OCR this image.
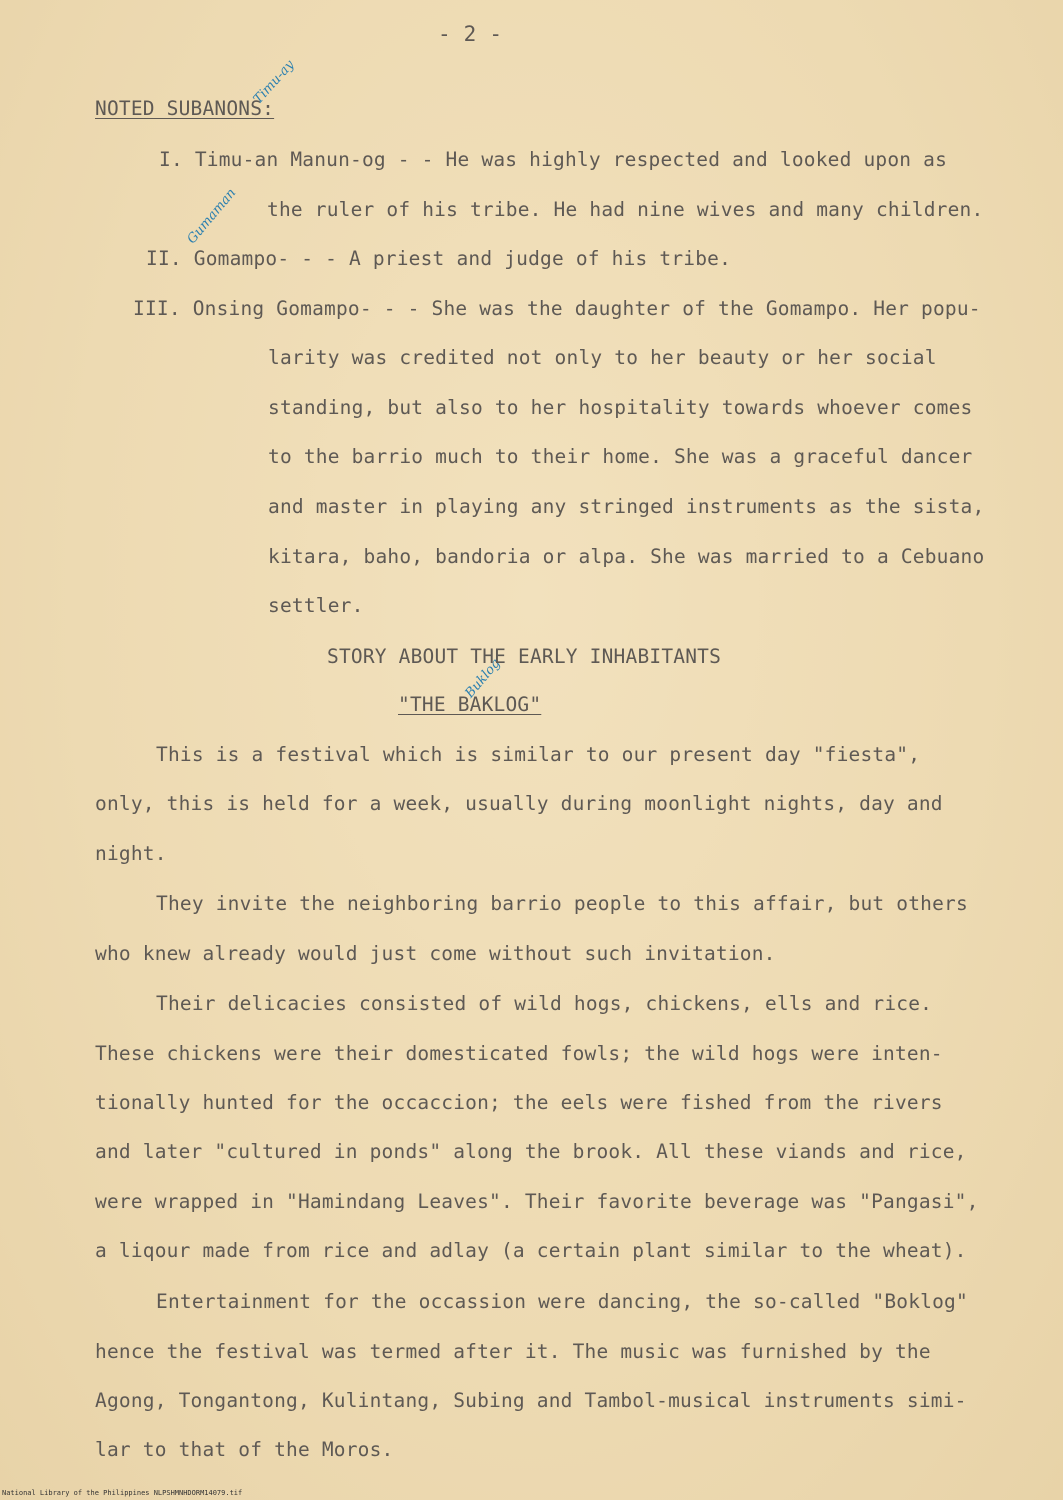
- 2 -
NOTED SUBANONS:
Timu-ay
Gumaman
Buklog
I. Timu-an Manun-og - - He was highly respected and looked upon as
the ruler of his tribe. He had nine wives and many children.
II. Gomampo- - - A priest and judge of his tribe.
III. Onsing Gomampo- - - She was the daughter of the Gomampo. Her popu-
larity was credited not only to her beauty or her social
standing, but also to her hospitality towards whoever comes
to the barrio much to their home. She was a graceful dancer
and master in playing any stringed instruments as the sista,
kitara, baho, bandoria or alpa. She was married to a Cebuano
settler.
STORY ABOUT THE EARLY INHABITANTS
"THE BAKLOG"
This is a festival which is similar to our present day "fiesta",
only, this is held for a week, usually during moonlight nights, day and
night.
They invite the neighboring barrio people to this affair, but others
who knew already would just come without such invitation.
Their delicacies consisted of wild hogs, chickens, ells and rice.
These chickens were their domesticated fowls; the wild hogs were inten-
tionally hunted for the occaccion; the eels were fished from the rivers
and later "cultured in ponds" along the brook. All these viands and rice,
were wrapped in "Hamindang Leaves". Their favorite beverage was "Pangasi",
a liqour made from rice and adlay (a certain plant similar to the wheat).
Entertainment for the occassion were dancing, the so-called "Boklog"
hence the festival was termed after it. The music was furnished by the
Agong, Tongantong, Kulintang, Subing and Tambol-musical instruments simi-
lar to that of the Moros.
National Library of the Philippines NLPSHMNHDORM14079.tif
